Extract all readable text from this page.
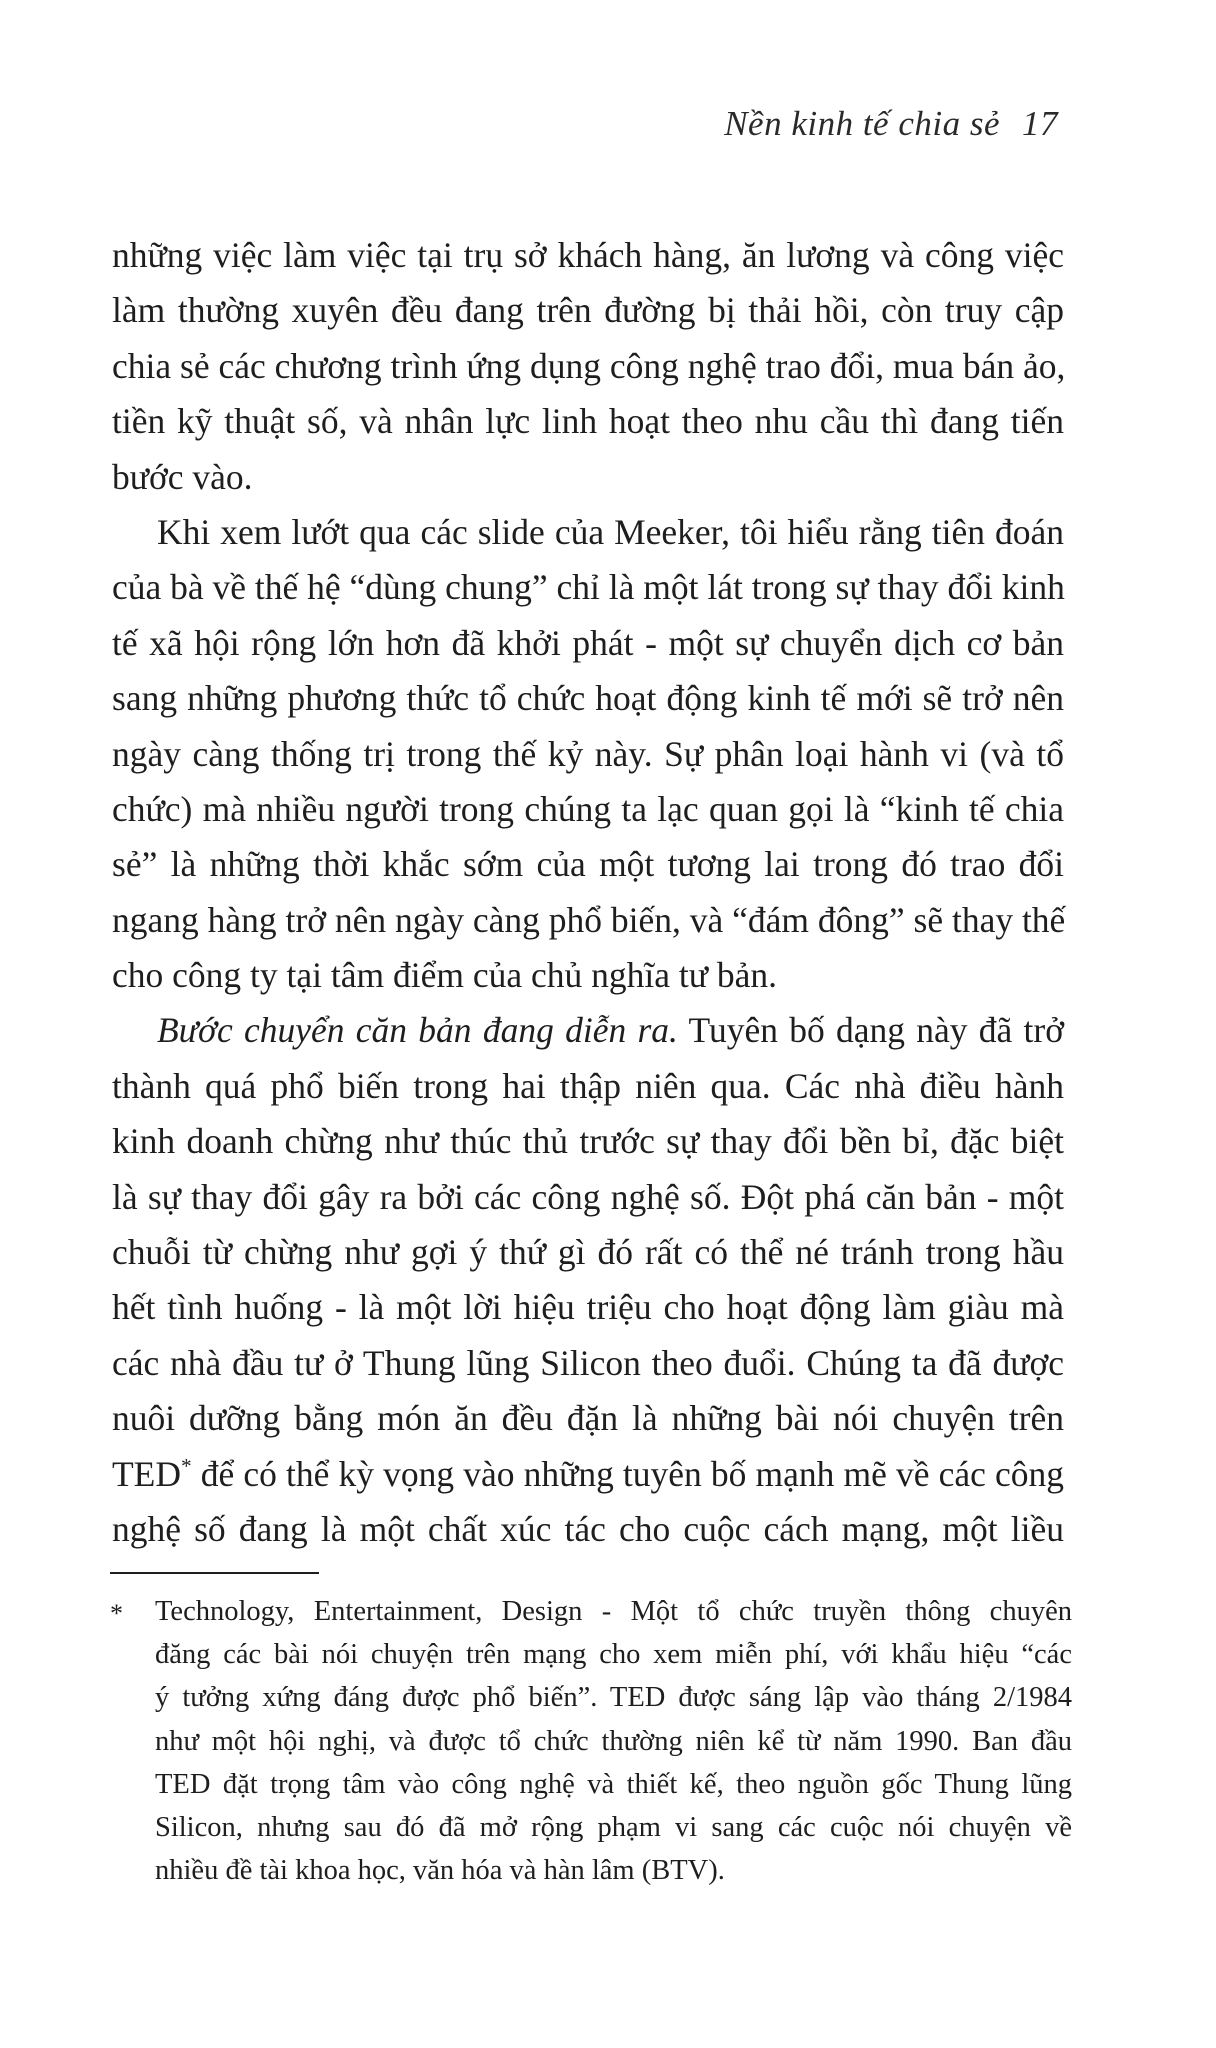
Nền kinh tế chia sẻ 17
những việc làm việc tại trụ sở khách hàng, ăn lương và công việc
làm thường xuyên đều đang trên đường bị thải hồi, còn truy cập
chia sẻ các chương trình ứng dụng công nghệ trao đổi, mua bán ảo,
tiền kỹ thuật số, và nhân lực linh hoạt theo nhu cầu thì đang tiến
bước vào.
Khi xem lướt qua các slide của Meeker, tôi hiểu rằng tiên đoán
của bà về thế hệ “dùng chung” chỉ là một lát trong sự thay đổi kinh
tế xã hội rộng lớn hơn đã khởi phát - một sự chuyển dịch cơ bản
sang những phương thức tổ chức hoạt động kinh tế mới sẽ trở nên
ngày càng thống trị trong thế kỷ này. Sự phân loại hành vi (và tổ
chức) mà nhiều người trong chúng ta lạc quan gọi là “kinh tế chia
sẻ” là những thời khắc sớm của một tương lai trong đó trao đổi
ngang hàng trở nên ngày càng phổ biến, và “đám đông” sẽ thay thế
cho công ty tại tâm điểm của chủ nghĩa tư bản.
Bước chuyển căn bản đang diễn ra. Tuyên bố dạng này đã trở
thành quá phổ biến trong hai thập niên qua. Các nhà điều hành
kinh doanh chừng như thúc thủ trước sự thay đổi bền bỉ, đặc biệt
là sự thay đổi gây ra bởi các công nghệ số. Đột phá căn bản - một
chuỗi từ chừng như gợi ý thứ gì đó rất có thể né tránh trong hầu
hết tình huống - là một lời hiệu triệu cho hoạt động làm giàu mà
các nhà đầu tư ở Thung lũng Silicon theo đuổi. Chúng ta đã được
nuôi dưỡng bằng món ăn đều đặn là những bài nói chuyện trên
TED* để có thể kỳ vọng vào những tuyên bố mạnh mẽ về các công
nghệ số đang là một chất xúc tác cho cuộc cách mạng, một liều
* Technology, Entertainment, Design - Một tổ chức truyền thông chuyên
đăng các bài nói chuyện trên mạng cho xem miễn phí, với khẩu hiệu “các
ý tưởng xứng đáng được phổ biến”. TED được sáng lập vào tháng 2/1984
như một hội nghị, và được tổ chức thường niên kể từ năm 1990. Ban đầu
TED đặt trọng tâm vào công nghệ và thiết kế, theo nguồn gốc Thung lũng
Silicon, nhưng sau đó đã mở rộng phạm vi sang các cuộc nói chuyện về
nhiều đề tài khoa học, văn hóa và hàn lâm (BTV).
